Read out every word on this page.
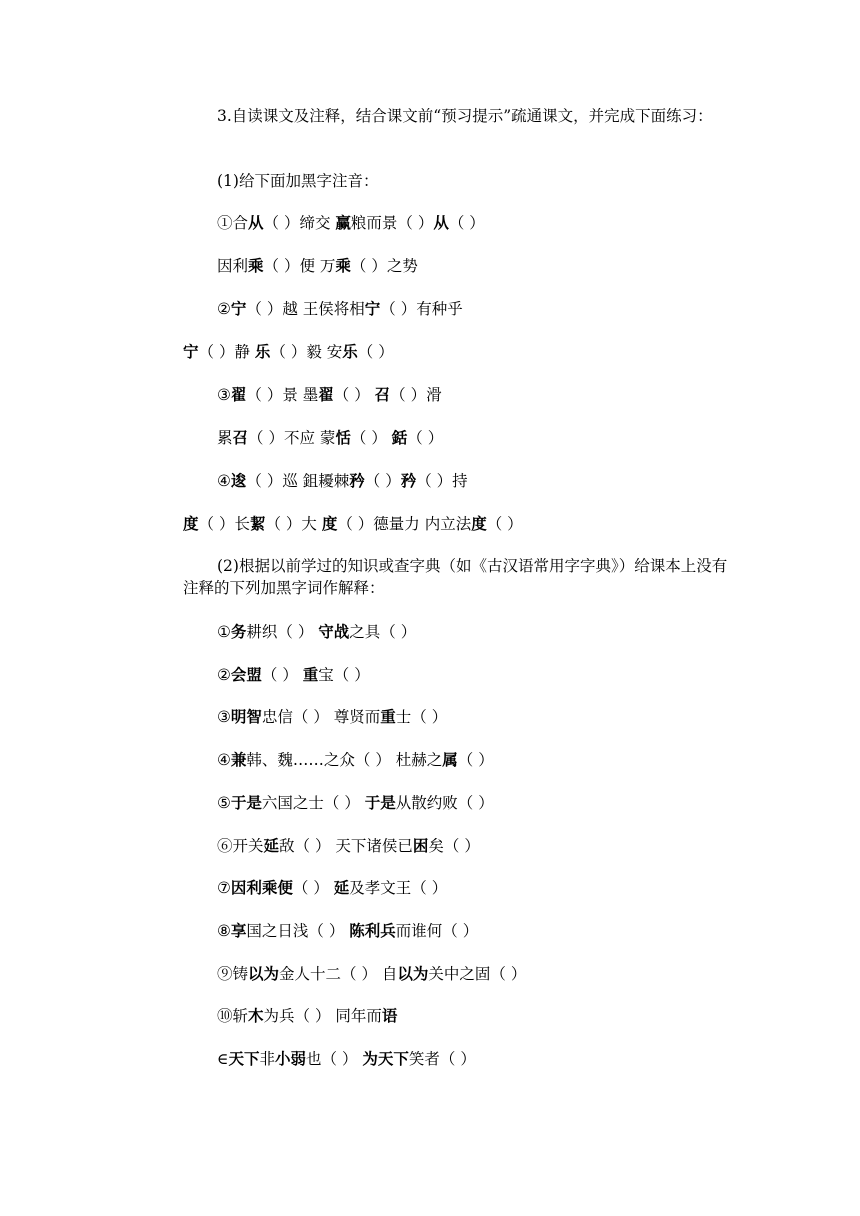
3.自读课文及注释，结合课文前“预习提示”疏通课文，并完成下面练习：
(1)给下面加黑字注音：
①合从（ ）缔交 赢粮而景（ ）从（ ）
因利乘（ ）便 万乘（ ）之势
②宁（ ）越 王侯将相宁（ ）有种乎
宁（ ）静 乐（ ）毅 安乐（ ）
③翟（ ）景 墨翟（ ） 召（ ）滑
累召（ ）不应 蒙恬（ ） 銛（ ）
④逡（ ）巡 鉏耰棘矜（ ）矜（ ）持
度（ ）长絜（ ）大 度（ ）德量力 内立法度（ ）
(2)根据以前学过的知识或查字典（如《古汉语常用字字典》）给课本上没有注释的下列加黑字词作解释：
①务耕织（ ） 守战之具（ ）
②会盟（ ） 重宝（ ）
③明智忠信（ ） 尊贤而重士（ ）
④兼韩、魏……之众（ ） 杜赫之属（ ）
⑤于是六国之士（ ） 于是从散约败（ ）
⑥开关延敌（ ） 天下诸侯已困矣（ ）
⑦因利乘便（ ） 延及孝文王（ ）
⑧享国之日浅（ ） 陈利兵而谁何（ ）
⑨铸以为金人十二（ ） 自以为关中之固（ ）
⑩斩木为兵（ ） 同年而语
∈天下非小弱也（ ） 为天下笑者（ ）
